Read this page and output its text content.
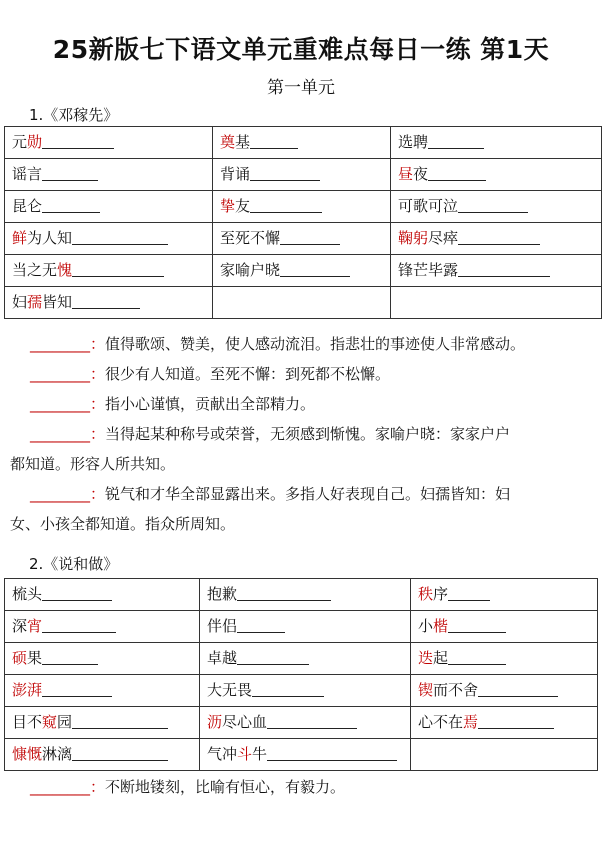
25新版七下语文单元重难点每日一练 第1天
第一单元
1.《邓稼先》
元勋	奠基	选聘
谣言	背诵	昼夜
昆仑	挚友	可歌可泣
鲜为人知	至死不懈	鞠躬尽瘁
当之无愧	家喻户晓	锋芒毕露
妇孺皆知		
________：值得歌颂、赞美，使人感动流泪。指悲壮的事迹使人非常感动。
________：很少有人知道。至死不懈：到死都不松懈。
________：指小心谨慎，贡献出全部精力。
________：当得起某种称号或荣誉，无须感到惭愧。家喻户晓：家家户户
都知道。形容人所共知。
________：锐气和才华全部显露出来。多指人好表现自己。妇孺皆知：妇
女、小孩全都知道。指众所周知。
2.《说和做》
梳头	抱歉	秩序
深宵	伴侣	小楷
硕果	卓越	迭起
澎湃	大无畏	锲而不舍
目不窥园	沥尽心血	心不在焉
慷慨淋漓	气冲斗牛	
________：不断地镂刻，比喻有恒心，有毅力。
